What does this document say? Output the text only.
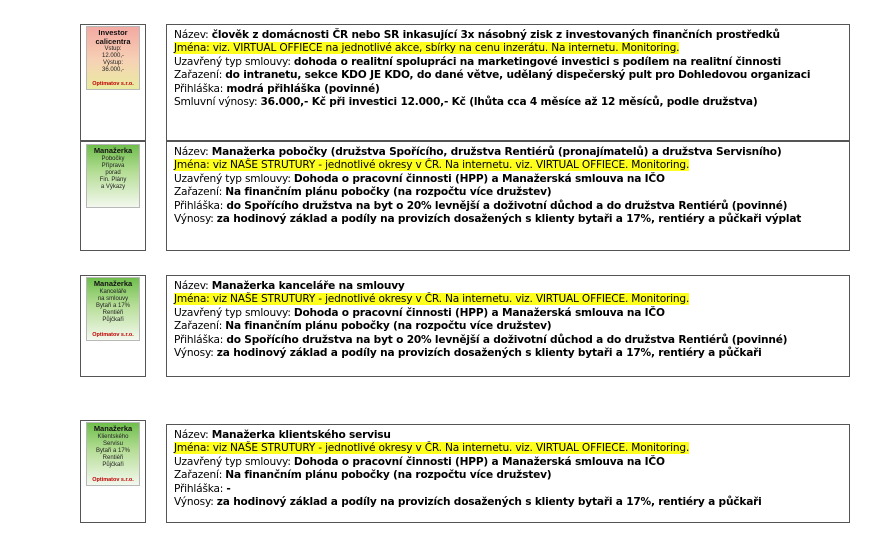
Investor
calicentra
Vstup:
12.000,-
Výstup:
36.000,-
Optimatov s.r.o.
Název: člověk z domácnosti ČR nebo SR inkasující 3x násobný zisk z investovaných finančních prostředků
Jména: viz. VIRTUAL OFFIECE na jednotlivé akce, sbírky na cenu inzerátu. Na internetu. Monitoring.
Uzavřený typ smlouvy: dohoda o realitní spolupráci na marketingové investici s podílem na realitní činnosti
Zařazení: do intranetu, sekce KDO JE KDO, do dané větve, udělaný dispečerský pult pro Dohledovou organizaci
Přihláška: modrá přihláška (povinné)
Smluvní výnosy: 36.000,- Kč při investici 12.000,- Kč (lhůta cca 4 měsíce až 12 měsíců, podle družstva)
Manažerka
Pobočky
Příprava
porad
Fin. Plány
a Výkazy
Název: Manažerka pobočky (družstva Spořícího, družstva Rentiérů (pronajímatelů) a družstva Servisního)
Jména: viz NAŠE STRUTURY - jednotlivé okresy v ČR. Na internetu. viz. VIRTUAL OFFIECE. Monitoring.
Uzavřený typ smlouvy: Dohoda o pracovní činnosti (HPP) a Manažerská smlouva na IČO
Zařazení: Na finančním plánu pobočky (na rozpočtu více družstev)
Přihláška: do Spořícího družstva na byt o 20% levnější a doživotní důchod a do družstva Rentiérů (povinné)
Výnosy: za hodinový základ a podíly na provizích dosažených s klienty bytaři a 17%, rentiéry a půčkaři výplat
Manažerka
Kanceláře
na smlouvy
Bytaři a 17%
Rentiéři
Půjčkaři
Optimatov s.r.o.
Název: Manažerka kanceláře na smlouvy
Jména: viz NAŠE STRUTURY - jednotlivé okresy v ČR. Na internetu. viz. VIRTUAL OFFIECE. Monitoring.
Uzavřený typ smlouvy: Dohoda o pracovní činnosti (HPP) a Manažerská smlouva na IČO
Zařazení: Na finančním plánu pobočky (na rozpočtu více družstev)
Přihláška: do Spořícího družstva na byt o 20% levnější a doživotní důchod a do družstva Rentiérů (povinné)
Výnosy: za hodinový základ a podíly na provizích dosažených s klienty bytaři a 17%, rentiéry a půčkaři
Manažerka
Klientského
Servisu
Bytaři a 17%
Rentiéři
Půjčkaři
Optimatov s.r.o.
Název: Manažerka klientského servisu
Jména: viz NAŠE STRUTURY - jednotlivé okresy v ČR. Na internetu. viz. VIRTUAL OFFIECE. Monitoring.
Uzavřený typ smlouvy: Dohoda o pracovní činnosti (HPP) a Manažerská smlouva na IČO
Zařazení: Na finančním plánu pobočky (na rozpočtu více družstev)
Přihláška: -
Výnosy: za hodinový základ a podíly na provizích dosažených s klienty bytaři a 17%, rentiéry a půčkaři
